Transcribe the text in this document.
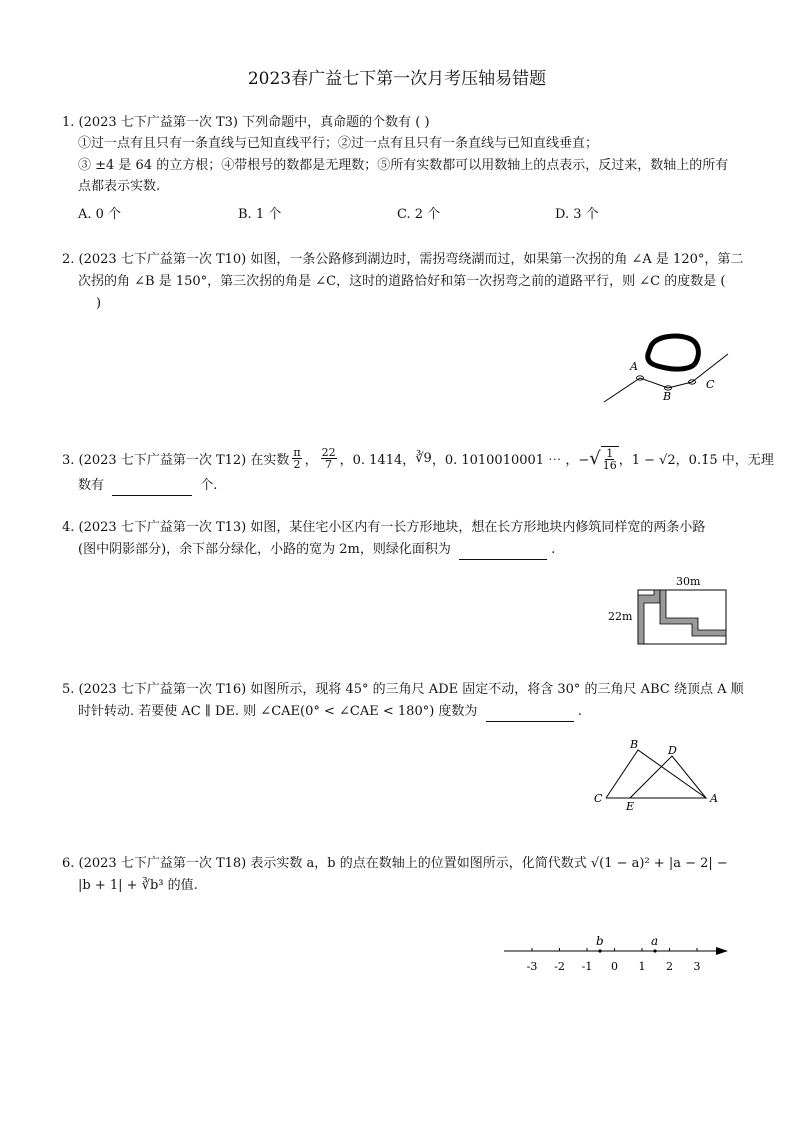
2023春广益七下第一次月考压轴易错题
1. (2023 七下广益第一次 T3) 下列命题中，真命题的个数有 ( )
①过一点有且只有一条直线与已知直线平行；②过一点有且只有一条直线与已知直线垂直；
③ ±4 是 64 的立方根；④带根号的数都是无理数；⑤所有实数都可以用数轴上的点表示，反过来，数轴上的所有
点都表示实数.
A. 0 个	B. 1 个	C. 2 个	D. 3 个
2. (2023 七下广益第一次 T10) 如图，一条公路修到湖边时，需拐弯绕湖而过，如果第一次拐的角 ∠A 是 120°，第二
次拐的角 ∠B 是 150°，第三次拐的角是 ∠C，这时的道路恰好和第一次拐弯之前的道路平行，则 ∠C 的度数是 (
)
A
B
C
3. (2023 七下广益第一次 T12) 在实数
π
2 ，
22
7 ，0. 1414， ∛9 ，0. 1010010001 ⋯ ，− √ 1
16 ，1 − √2，0.1̇5̇ 中，无理
数有	个.
4. (2023 七下广益第一次 T13) 如图，某住宅小区内有一长方形地块，想在长方形地块内修筑同样宽的两条小路
(图中阴影部分)，余下部分绿化，小路的宽为 2m，则绿化面积为	.
30m
22m
5. (2023 七下广益第一次 T16) 如图所示，现将 45° 的三角尺 ADE 固定不动，将含 30° 的三角尺 ABC 绕顶点 A 顺
时针转动. 若要使 AC ∥ DE. 则 ∠CAE(0° < ∠CAE < 180°) 度数为	.
B	D
C
E
A
6. (2023 七下广益第一次 T18) 表示实数 a，b 的点在数轴上的位置如图所示，化简代数式 √(1 − a)² + |a − 2| −
|b + 1| + ∛b³ 的值.
-3 -2 -1 0 1 2 3
b	a
